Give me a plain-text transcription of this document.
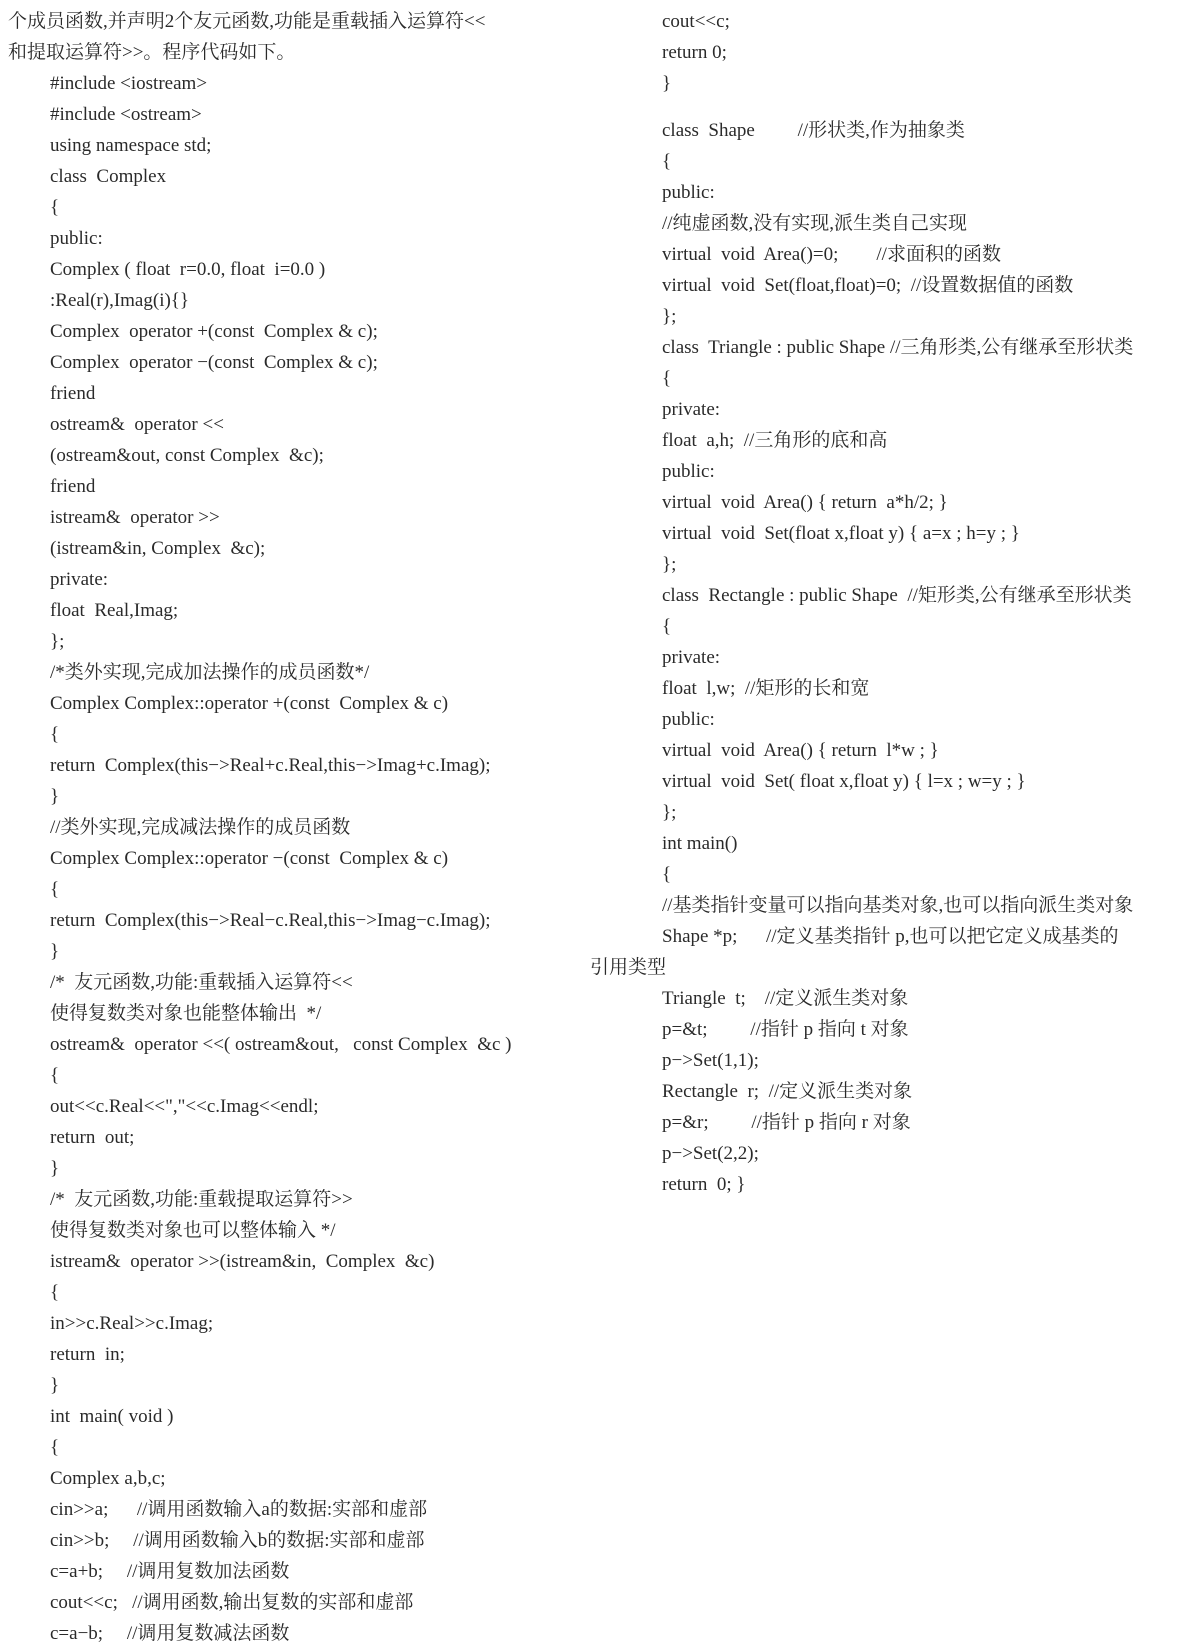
个成员函数,并声明2个友元函数,功能是重载插入运算符<<
和提取运算符>>。程序代码如下。
#include <iostream>
#include <ostream>
using namespace std;
class  Complex
{
public:
Complex ( float  r=0.0, float  i=0.0 )
:Real(r),Imag(i){}
Complex  operator +(const  Complex & c);
Complex  operator −(const  Complex & c);
friend
ostream&  operator <<
(ostream&out, const Complex  &c);
friend
istream&  operator >>
(istream&in, Complex  &c);
private:
float  Real,Imag;
};
/*类外实现,完成加法操作的成员函数*/
Complex Complex::operator +(const  Complex & c)
{
return  Complex(this−>Real+c.Real,this−>Imag+c.Imag);
}
//类外实现,完成减法操作的成员函数
Complex Complex::operator −(const  Complex & c)
{
return  Complex(this−>Real−c.Real,this−>Imag−c.Imag);
}
/*  友元函数,功能:重载插入运算符<<
使得复数类对象也能整体输出  */
ostream&  operator <<( ostream&out,   const Complex  &c )
{
out<<c.Real<<","<<c.Imag<<endl;
return  out;
}
/*  友元函数,功能:重载提取运算符>>
使得复数类对象也可以整体输入 */
istream&  operator >>(istream&in,  Complex  &c)
{
in>>c.Real>>c.Imag;
return  in;
}
int  main( void )
{
Complex a,b,c;
cin>>a;      //调用函数输入a的数据:实部和虚部
cin>>b;     //调用函数输入b的数据:实部和虚部
c=a+b;     //调用复数加法函数
cout<<c;   //调用函数,输出复数的实部和虚部
c=a−b;     //调用复数减法函数
cout<<c;
return 0;
}
class  Shape         //形状类,作为抽象类
{
public:
//纯虚函数,没有实现,派生类自己实现
virtual  void  Area()=0;        //求面积的函数
virtual  void  Set(float,float)=0;  //设置数据值的函数
};
class  Triangle : public Shape //三角形类,公有继承至形状类
{
private:
float  a,h;  //三角形的底和高
public:
virtual  void  Area() { return  a*h/2; }
virtual  void  Set(float x,float y) { a=x ; h=y ; }
};
class  Rectangle : public Shape  //矩形类,公有继承至形状类
{
private:
float  l,w;  //矩形的长和宽
public:
virtual  void  Area() { return  l*w ; }
virtual  void  Set( float x,float y) { l=x ; w=y ; }
};
int main()
{
//基类指针变量可以指向基类对象,也可以指向派生类对象
Shape *p;      //定义基类指针 p,也可以把它定义成基类的
引用类型
Triangle  t;    //定义派生类对象
p=&t;         //指针 p 指向 t 对象
p−>Set(1,1);
Rectangle  r;  //定义派生类对象
p=&r;         //指针 p 指向 r 对象
p−>Set(2,2);
return  0; }
